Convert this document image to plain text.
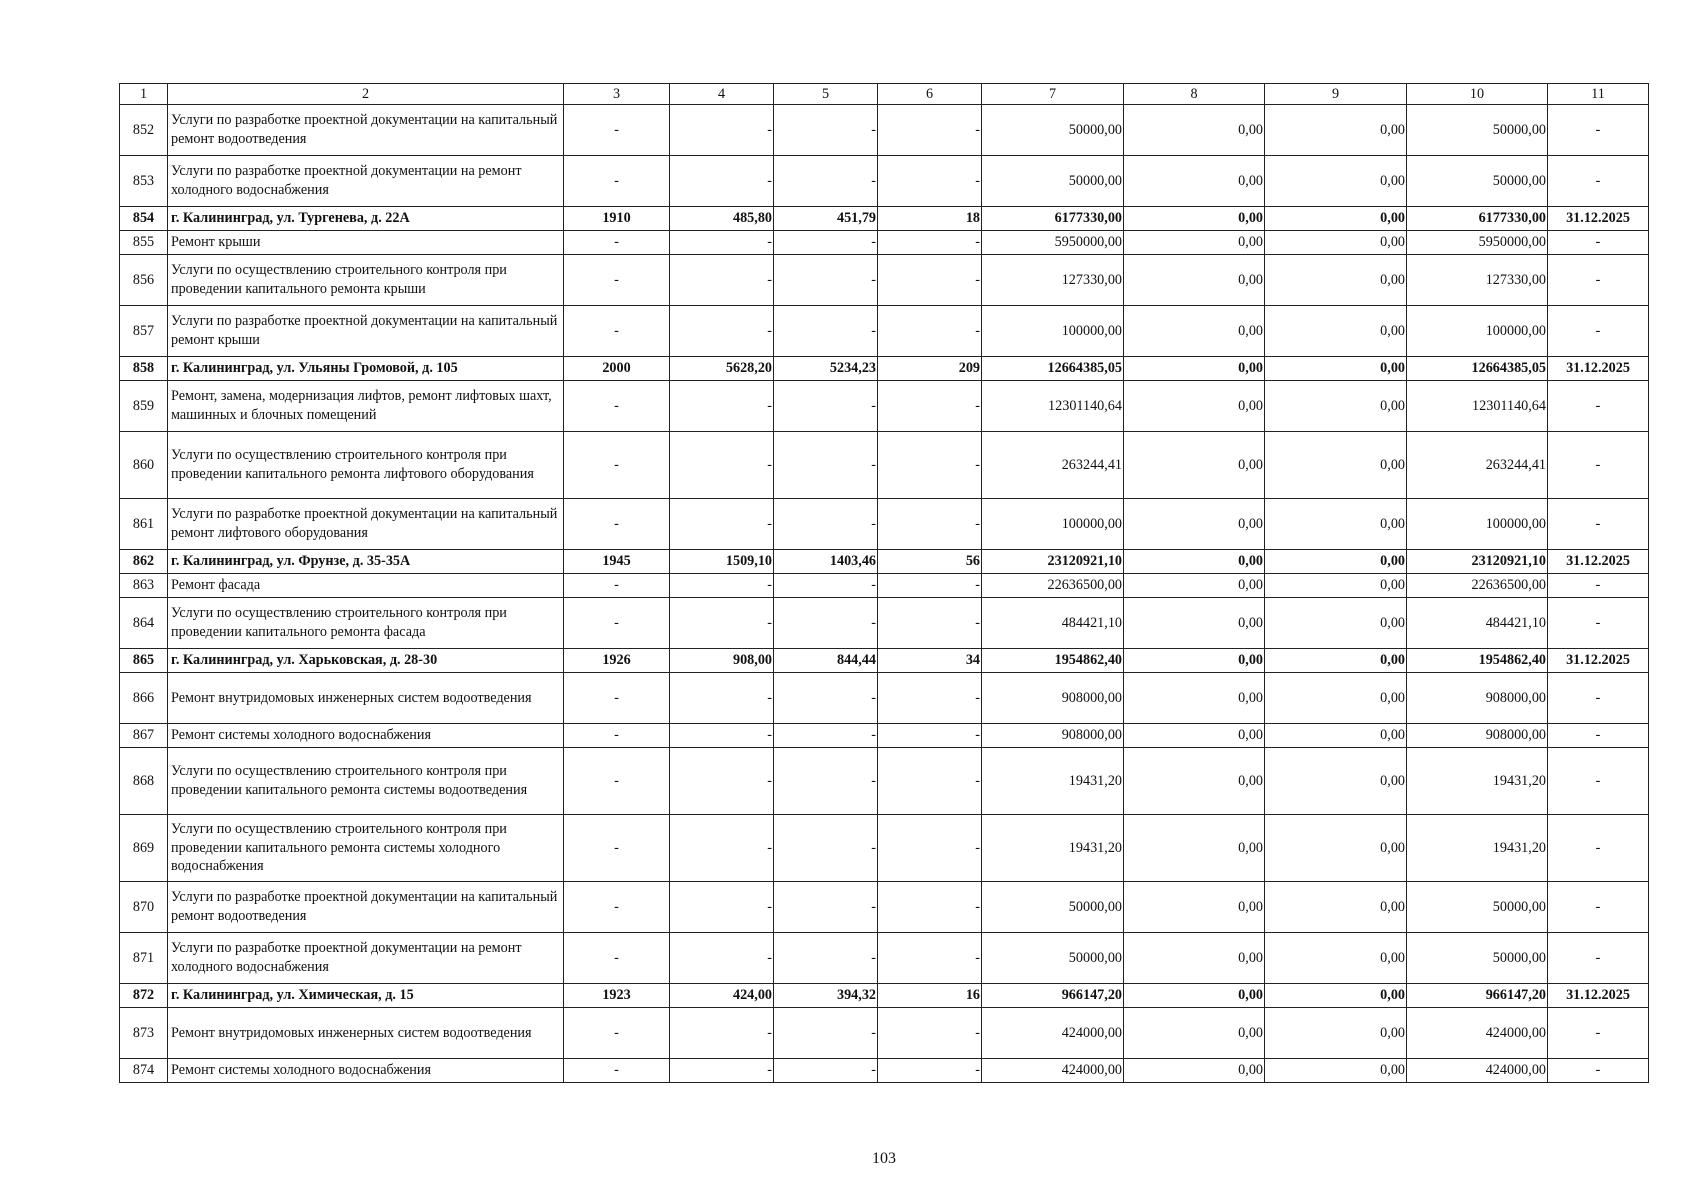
1	2	3	4	5	6	7	8	9	10	11
852	Услуги по разработке проектной документации на капитальный ремонт водоотведения	-	-	-	-	50000,00	0,00	0,00	50000,00	-
853	Услуги по разработке проектной документации на ремонт холодного водоснабжения	-	-	-	-	50000,00	0,00	0,00	50000,00	-
854	г. Калининград, ул. Тургенева, д. 22А	1910	485,80	451,79	18	6177330,00	0,00	0,00	6177330,00	31.12.2025
855	Ремонт крыши	-	-	-	-	5950000,00	0,00	0,00	5950000,00	-
856	Услуги по осуществлению строительного контроля при проведении капитального ремонта крыши	-	-	-	-	127330,00	0,00	0,00	127330,00	-
857	Услуги по разработке проектной документации на капитальный ремонт крыши	-	-	-	-	100000,00	0,00	0,00	100000,00	-
858	г. Калининград, ул. Ульяны Громовой, д. 105	2000	5628,20	5234,23	209	12664385,05	0,00	0,00	12664385,05	31.12.2025
859	Ремонт, замена, модернизация лифтов, ремонт лифтовых шахт, машинных и блочных помещений	-	-	-	-	12301140,64	0,00	0,00	12301140,64	-
860	Услуги по осуществлению строительного контроля при проведении капитального ремонта лифтового оборудования	-	-	-	-	263244,41	0,00	0,00	263244,41	-
861	Услуги по разработке проектной документации на капитальный ремонт лифтового оборудования	-	-	-	-	100000,00	0,00	0,00	100000,00	-
862	г. Калининград, ул. Фрунзе, д. 35-35А	1945	1509,10	1403,46	56	23120921,10	0,00	0,00	23120921,10	31.12.2025
863	Ремонт фасада	-	-	-	-	22636500,00	0,00	0,00	22636500,00	-
864	Услуги по осуществлению строительного контроля при проведении капитального ремонта фасада	-	-	-	-	484421,10	0,00	0,00	484421,10	-
865	г. Калининград, ул. Харьковская, д. 28-30	1926	908,00	844,44	34	1954862,40	0,00	0,00	1954862,40	31.12.2025
866	Ремонт внутридомовых инженерных систем водоотведения	-	-	-	-	908000,00	0,00	0,00	908000,00	-
867	Ремонт системы холодного водоснабжения	-	-	-	-	908000,00	0,00	0,00	908000,00	-
868	Услуги по осуществлению строительного контроля при проведении капитального ремонта системы водоотведения	-	-	-	-	19431,20	0,00	0,00	19431,20	-
869	Услуги по осуществлению строительного контроля при проведении капитального ремонта системы холодного водоснабжения	-	-	-	-	19431,20	0,00	0,00	19431,20	-
870	Услуги по разработке проектной документации на капитальный ремонт водоотведения	-	-	-	-	50000,00	0,00	0,00	50000,00	-
871	Услуги по разработке проектной документации на ремонт холодного водоснабжения	-	-	-	-	50000,00	0,00	0,00	50000,00	-
872	г. Калининград, ул. Химическая, д. 15	1923	424,00	394,32	16	966147,20	0,00	0,00	966147,20	31.12.2025
873	Ремонт внутридомовых инженерных систем водоотведения	-	-	-	-	424000,00	0,00	0,00	424000,00	-
874	Ремонт системы холодного водоснабжения	-	-	-	-	424000,00	0,00	0,00	424000,00	-
103
